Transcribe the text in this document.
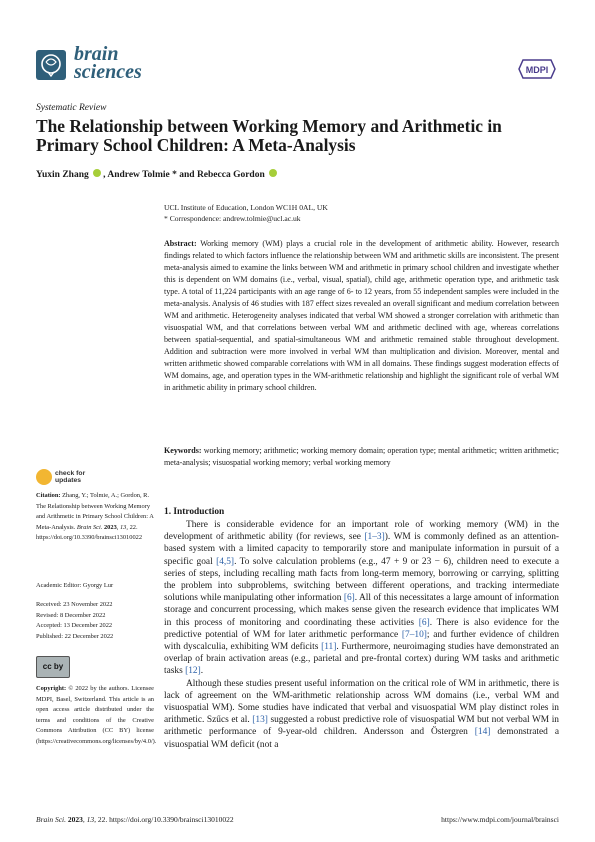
brain
sciences	MDPI
Systematic Review
The Relationship between Working Memory and Arithmetic in Primary School Children: A Meta-Analysis
Yuxin Zhang , Andrew Tolmie * and Rebecca Gordon
UCL Institute of Education, London WC1H 0AL, UK
* Correspondence: andrew.tolmie@ucl.ac.uk
Abstract: Working memory (WM) plays a crucial role in the development of arithmetic ability. However, research findings related to which factors influence the relationship between WM and arithmetic skills are inconsistent. The present meta-analysis aimed to examine the links between WM and arithmetic in primary school children and investigate whether this is dependent on WM domains (i.e., verbal, visual, spatial), child age, arithmetic operation type, and arithmetic task type. A total of 11,224 participants with an age range of 6- to 12 years, from 55 independent samples were included in the meta-analysis. Analysis of 46 studies with 187 effect sizes revealed an overall significant and medium correlation between WM and arithmetic. Heterogeneity analyses indicated that verbal WM showed a stronger correlation with arithmetic than visuospatial WM, and that correlations between verbal WM and arithmetic declined with age, whereas correlations between spatial-sequential, and spatial-simultaneous WM and arithmetic remained stable throughout development. Addition and subtraction were more involved in verbal WM than multiplication and division. Moreover, mental and written arithmetic showed comparable correlations with WM in all domains. These findings suggest moderation effects of WM domains, age, and operation types in the WM-arithmetic relationship and highlight the significant role of verbal WM in arithmetic ability in primary school children.
Keywords: working memory; arithmetic; working memory domain; operation type; mental arithmetic; written arithmetic; meta-analysis; visuospatial working memory; verbal working memory
check for
updates
Citation: Zhang, Y.; Tolmie, A.; Gordon, R. The Relationship between Working Memory and Arithmetic in Primary School Children: A Meta-Analysis. Brain Sci. 2023, 13, 22. https://doi.org/10.3390/brainsci13010022
Academic Editor: Gyorgy Lur
Received: 23 November 2022
Revised: 8 December 2022
Accepted: 13 December 2022
Published: 22 December 2022
cc by
Copyright: © 2022 by the authors. Licensee MDPI, Basel, Switzerland. This article is an open access article distributed under the terms and conditions of the Creative Commons Attribution (CC BY) license (https://creativecommons.org/licenses/by/4.0/).
1. Introduction

There is considerable evidence for an important role of working memory (WM) in the development of arithmetic ability (for reviews, see [1–3]). WM is commonly defined as an attention-based system with a limited capacity to temporarily store and manipulate information in pursuit of a specific goal [4,5]. To solve calculation problems (e.g., 47 + 9 or 23 − 6), children need to execute a series of steps, including recalling math facts from long-term memory, borrowing or carrying, splitting the problem into subproblems, switching between different operations, and tracking intermediate solutions while manipulating other information [6]. All of this necessitates a large amount of information storage and concurrent processing, which makes sense given the research evidence that implicates WM in this process of monitoring and coordinating these activities [6]. There is also evidence for the predictive potential of WM for later arithmetic performance [7–10]; and further evidence of children with dyscalculia, exhibiting WM deficits [11]. Furthermore, neuroimaging studies have demonstrated an overlap of brain activation areas (e.g., parietal and pre-frontal cortex) during WM tasks and arithmetic tasks [12].

Although these studies present useful information on the critical role of WM in arithmetic, there is lack of agreement on the WM-arithmetic relationship across WM domains (i.e., verbal WM and visuospatial WM). Some studies have indicated that verbal and visuospatial WM play distinct roles in arithmetic. Szűcs et al. [13] suggested a robust predictive role of visuospatial WM but not verbal WM in arithmetic performance of 9-year-old children. Andersson and Östergren [14] demonstrated a visuospatial WM deficit (not a

Brain Sci. 2023, 13, 22. https://doi.org/10.3390/brainsci13010022	https://www.mdpi.com/journal/brainsci
